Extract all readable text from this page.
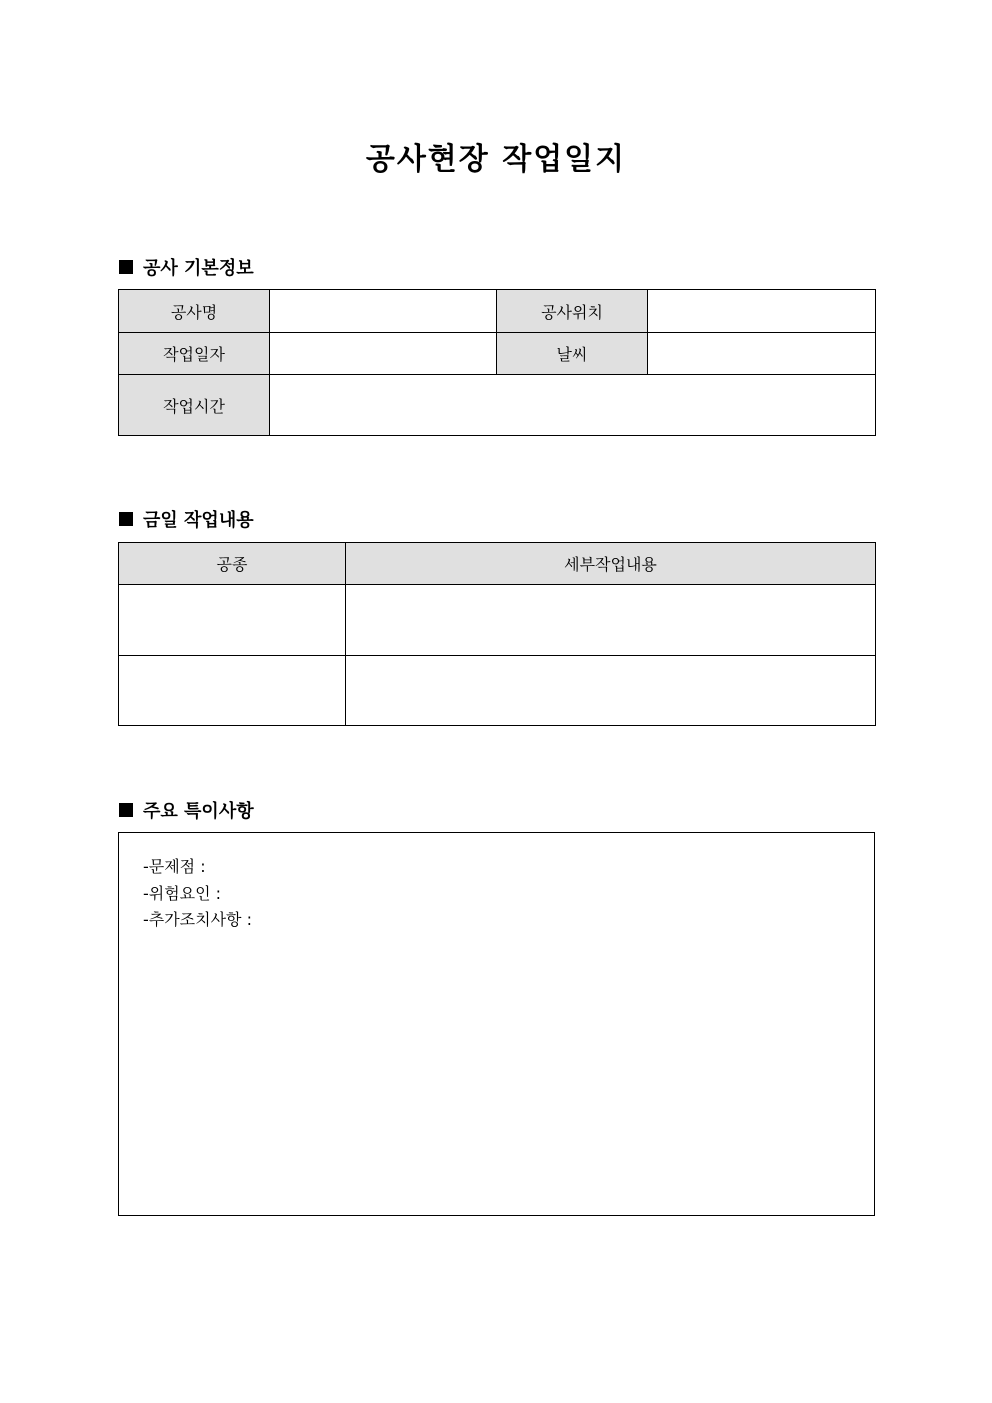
공사현장 작업일지
공사 기본정보
공사명		공사위치	
작업일자		날씨	
작업시간			
금일 작업내용
공종	세부작업내용

주요 특이사항
-문제점 :
-위험요인 :
-추가조치사항 :
